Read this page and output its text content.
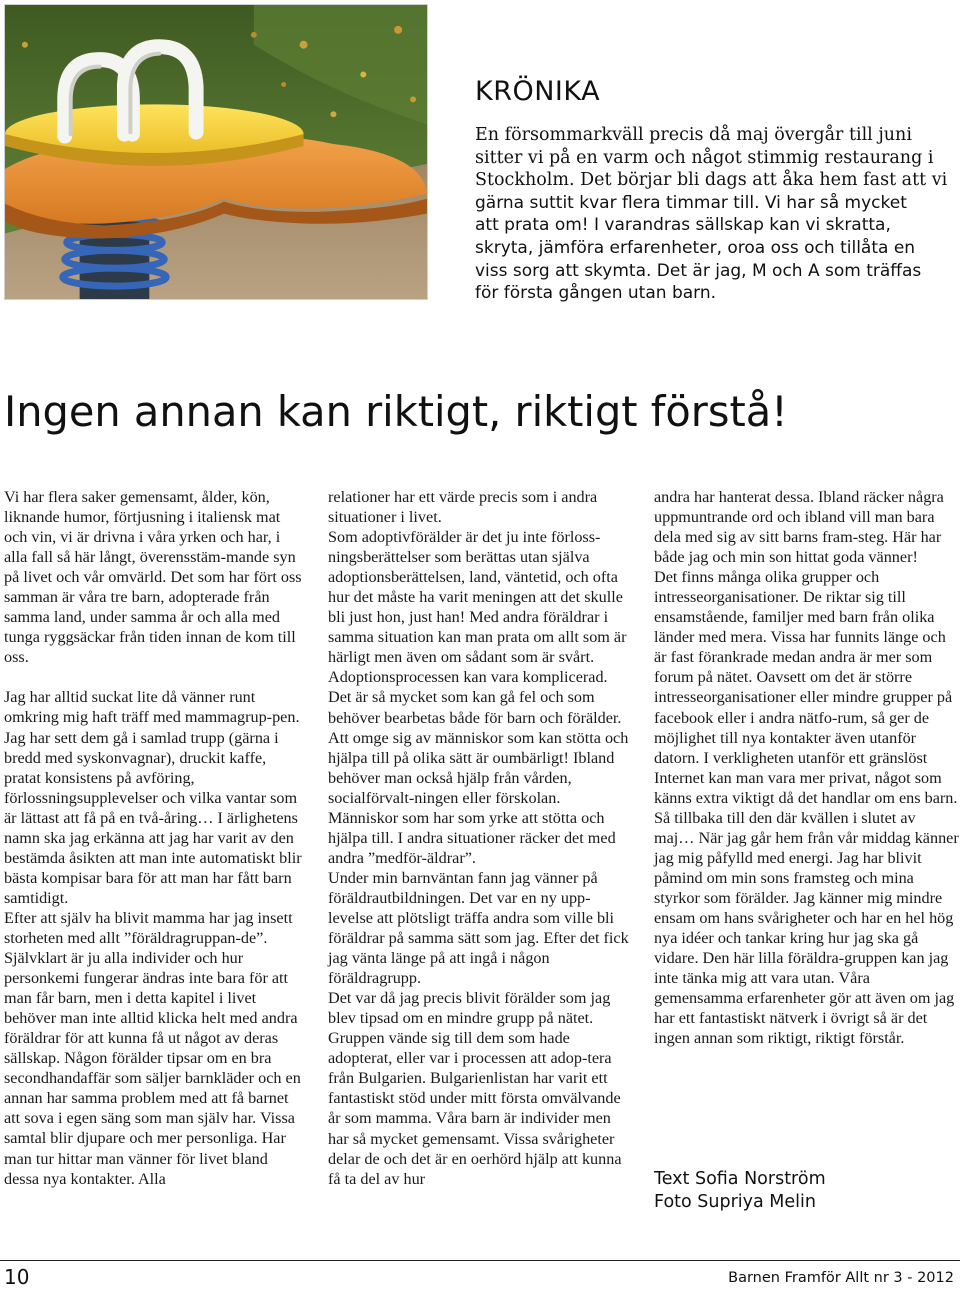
KRÖNIKA
En försommarkväll precis då maj övergår till juni
sitter vi på en varm och något stimmig restaurang i
Stockholm. Det börjar bli dags att åka hem fast att vi
gärna suttit kvar flera timmar till. Vi har så mycket
att prata om! I varandras sällskap kan vi skratta,
skryta, jämföra erfarenheter, oroa oss och tillåta en
viss sorg att skymta. Det är jag, M och A som träffas
för första gången utan barn.
Ingen annan kan riktigt, riktigt förstå!

Vi har flera saker gemensamt, ålder, kön, liknande humor, förtjusning i italiensk mat och vin, vi är drivna i våra yrken och har, i alla fall så här långt, överensstäm-mande syn på livet och vår omvärld. Det som har fört oss samman är våra tre barn, adopterade från samma land, under samma år och alla med tunga ryggsäckar från tiden innan de kom till oss.

Jag har alltid suckat lite då vänner runt omkring mig haft träff med mammagrup-pen. Jag har sett dem gå i samlad trupp (gärna i bredd med syskonvagnar), druckit kaffe, pratat konsistens på avföring, förlossningsupplevelser och vilka vantar som är lättast att få på en två-åring… I ärlighetens namn ska jag erkänna att jag har varit av den bestämda åsikten att man inte automatiskt blir bästa kompisar bara för att man har fått barn samtidigt.

Efter att själv ha blivit mamma har jag insett storheten med allt ”föräldragruppan-de”. Självklart är ju alla individer och hur personkemi fungerar ändras inte bara för att man får barn, men i detta kapitel i livet behöver man inte alltid klicka helt med andra föräldrar för att kunna få ut något av deras sällskap. Någon förälder tipsar om en bra secondhandaffär som säljer barnkläder och en annan har samma problem med att få barnet att sova i egen säng som man själv har. Vissa samtal blir djupare och mer personliga. Har man tur hittar man vänner för livet bland dessa nya kontakter. Alla

relationer har ett värde precis som i andra situationer i livet.

Som adoptivförälder är det ju inte förloss-ningsberättelser som berättas utan själva adoptionsberättelsen, land, väntetid, och ofta hur det måste ha varit meningen att det skulle bli just hon, just han! Med andra föräldrar i samma situation kan man prata om allt som är härligt men även om sådant som är svårt. Adoptionsprocessen kan vara komplicerad. Det är så mycket som kan gå fel och som behöver bearbetas både för barn och förälder. Att omge sig av människor som kan stötta och hjälpa till på olika sätt är oumbärligt! Ibland behöver man också hjälp från vården, socialförvalt-ningen eller förskolan. Människor som har som yrke att stötta och hjälpa till. I andra situationer räcker det med andra ”medför-äldrar”.

Under min barnväntan fann jag vänner på föräldrautbildningen. Det var en ny upp-levelse att plötsligt träffa andra som ville bli föräldrar på samma sätt som jag. Efter det fick jag vänta länge på att ingå i någon föräldragrupp.

Det var då jag precis blivit förälder som jag blev tipsad om en mindre grupp på nätet. Gruppen vände sig till dem som hade adopterat, eller var i processen att adop-tera från Bulgarien. Bulgarienlistan har varit ett fantastiskt stöd under mitt första omvälvande år som mamma. Våra barn är individer men har så mycket gemensamt. Vissa svårigheter delar de och det är en oerhörd hjälp att kunna få ta del av hur

andra har hanterat dessa. Ibland räcker några uppmuntrande ord och ibland vill man bara dela med sig av sitt barns fram-steg. Här har både jag och min son hittat goda vänner!

Det finns många olika grupper och intresseorganisationer. De riktar sig till ensamstående, familjer med barn från olika länder med mera. Vissa har funnits länge och är fast förankrade medan andra är mer som forum på nätet. Oavsett om det är större intresseorganisationer eller mindre grupper på facebook eller i andra nätfo-rum, så ger de möjlighet till nya kontakter även utanför datorn. I verkligheten utanför ett gränslöst Internet kan man vara mer privat, något som känns extra viktigt då det handlar om ens barn.

Så tillbaka till den där kvällen i slutet av maj… När jag går hem från vår middag känner jag mig påfylld med energi. Jag har blivit påmind om min sons framsteg och mina styrkor som förälder. Jag känner mig mindre ensam om hans svårigheter och har en hel hög nya idéer och tankar kring hur jag ska gå vidare. Den här lilla föräldra-gruppen kan jag inte tänka mig att vara utan. Våra gemensamma erfarenheter gör att även om jag har ett fantastiskt nätverk i övrigt så är det ingen annan som riktigt, riktigt förstår.

Text Sofia Norström
Foto Supriya Melin
10	Barnen Framför Allt nr 3 - 2012
